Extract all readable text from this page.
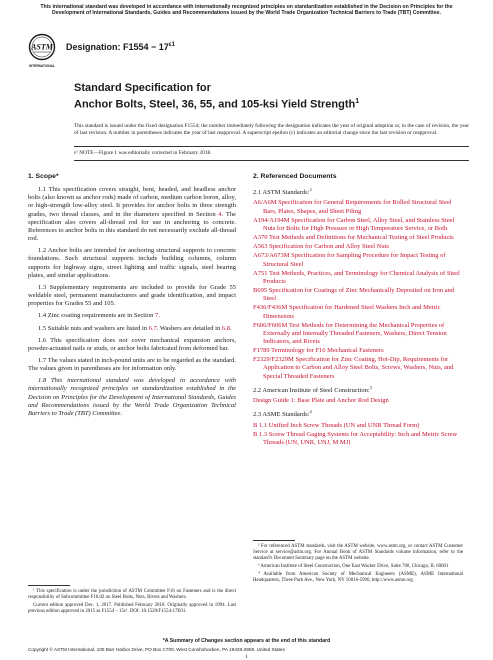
This international standard was developed in accordance with internationally recognized principles on standardization established in the Decision on Principles for the Development of International Standards, Guides and Recommendations issued by the World Trade Organization Technical Barriers to Trade (TBT) Committee.
ASTM
INTERNATIONAL
Designation: $F1554 - 17^{\varepsilon 1}$
Standard Specification for
Anchor Bolts, Steel, 36, 55, and 105-ksi Yield Strength$^1$
This standard is issued under the fixed designation F1554; the number immediately following the designation indicates the year of original adoption or, in the case of revision, the year of last revision. A number in parentheses indicates the year of last reapproval. A superscript epsilon (ε) indicates an editorial change since the last revision or reapproval.
ε¹ NOTE—Figure 1 was editorially corrected in February 2018.
1. Scope*

1.1 This specification covers straight, bent, headed, and headless anchor bolts (also known as anchor rods) made of carbon, medium carbon boron, alloy, or high-strength low-alloy steel. It provides for anchor bolts in three strength grades, two thread classes, and in the diameters specified in Section 4. The specification also covers all-thread rod for use in anchoring to concrete. References to anchor bolts in this standard do not necessarily exclude all-thread rod.

1.2 Anchor bolts are intended for anchoring structural supports to concrete foundations. Such structural supports include building columns, column supports for highway signs, street lighting and traffic signals, steel bearing plates, and similar applications.

1.3 Supplementary requirements are included to provide for Grade 55 weldable steel, permanent manufacturers and grade identification, and impact properties for Grades 55 and 105.

1.4 Zinc coating requirements are in Section 7.

1.5 Suitable nuts and washers are listed in 6.7. Washers are detailed in 6.8.

1.6 This specification does not cover mechanical expansion anchors, powder-actuated nails or studs, or anchor bolts fabricated from deformed bar.

1.7 The values stated in inch-pound units are to be regarded as the standard. The values given in parentheses are for information only.

1.8 This international standard was developed in accordance with internationally recognized principles on standardization established in the Decision on Principles for the Development of International Standards, Guides and Recommendations issued by the World Trade Organization Technical Barriers to Trade (TBT) Committee.

2. Referenced Documents
2.1 ASTM Standards:$^2$
A6/A6M Specification for General Requirements for Rolled Structural Steel Bars, Plates, Shapes, and Sheet Piling
A194/A194M Specification for Carbon Steel, Alloy Steel, and Stainless Steel Nuts for Bolts for High Pressure or High Temperature Service, or Both
A370 Test Methods and Definitions for Mechanical Testing of Steel Products
A563 Specification for Carbon and Alloy Steel Nuts
A673/A673M Specification for Sampling Procedure for Impact Testing of Structural Steel
A751 Test Methods, Practices, and Terminology for Chemical Analysis of Steel Products
B695 Specification for Coatings of Zinc Mechanically Deposited on Iron and Steel
F436/F436M Specification for Hardened Steel Washers Inch and Metric Dimensions
F606/F606M Test Methods for Determining the Mechanical Properties of Externally and Internally Threaded Fasteners, Washers, Direct Tension Indicators, and Rivets
F1789 Terminology for F16 Mechanical Fasteners
F2329/F2329M Specification for Zinc Coating, Hot-Dip, Requirements for Application to Carbon and Alloy Steel Bolts, Screws, Washers, Nuts, and Special Threaded Fasteners
2.2 American Institute of Steel Construction:$^3$
Design Guide 1: Base Plate and Anchor Rod Design
2.3 ASME Standards:$^4$
B 1.1 Unified Inch Screw Threads (UN and UNR Thread Form)
B 1.3 Screw Thread Gaging Systems for Acceptability: Inch and Metric Screw Threads (UN, UNR, UNJ, M MJ)

¹ This specification is under the jurisdiction of ASTM Committee F16 on Fasteners and is the direct responsibility of Subcommittee F16.02 on Steel Bolts, Nuts, Rivets and Washers.

Current edition approved Dec. 1, 2017. Published February 2018. Originally approved in 1994. Last previous edition approved in 2015 as F1554 – 15ε¹. DOI: 10.1520/F1554-17E01.

² For referenced ASTM standards, visit the ASTM website, www.astm.org, or contact ASTM Customer Service at service@astm.org. For Annual Book of ASTM Standards volume information, refer to the standard's Document Summary page on the ASTM website.

³ American Institute of Steel Construction, One East Wacker Drive, Suite 700, Chicago, IL 60601

⁴ Available from American Society of Mechanical Engineers (ASME), ASME International Headquarters, Three Park Ave., New York, NY 10016-5990, http://www.asme.org.

*A Summary of Changes section appears at the end of this standard
Copyright © ASTM International, 100 Barr Harbor Drive, PO Box C700, West Conshohocken, PA 19428-2959. United States
1
